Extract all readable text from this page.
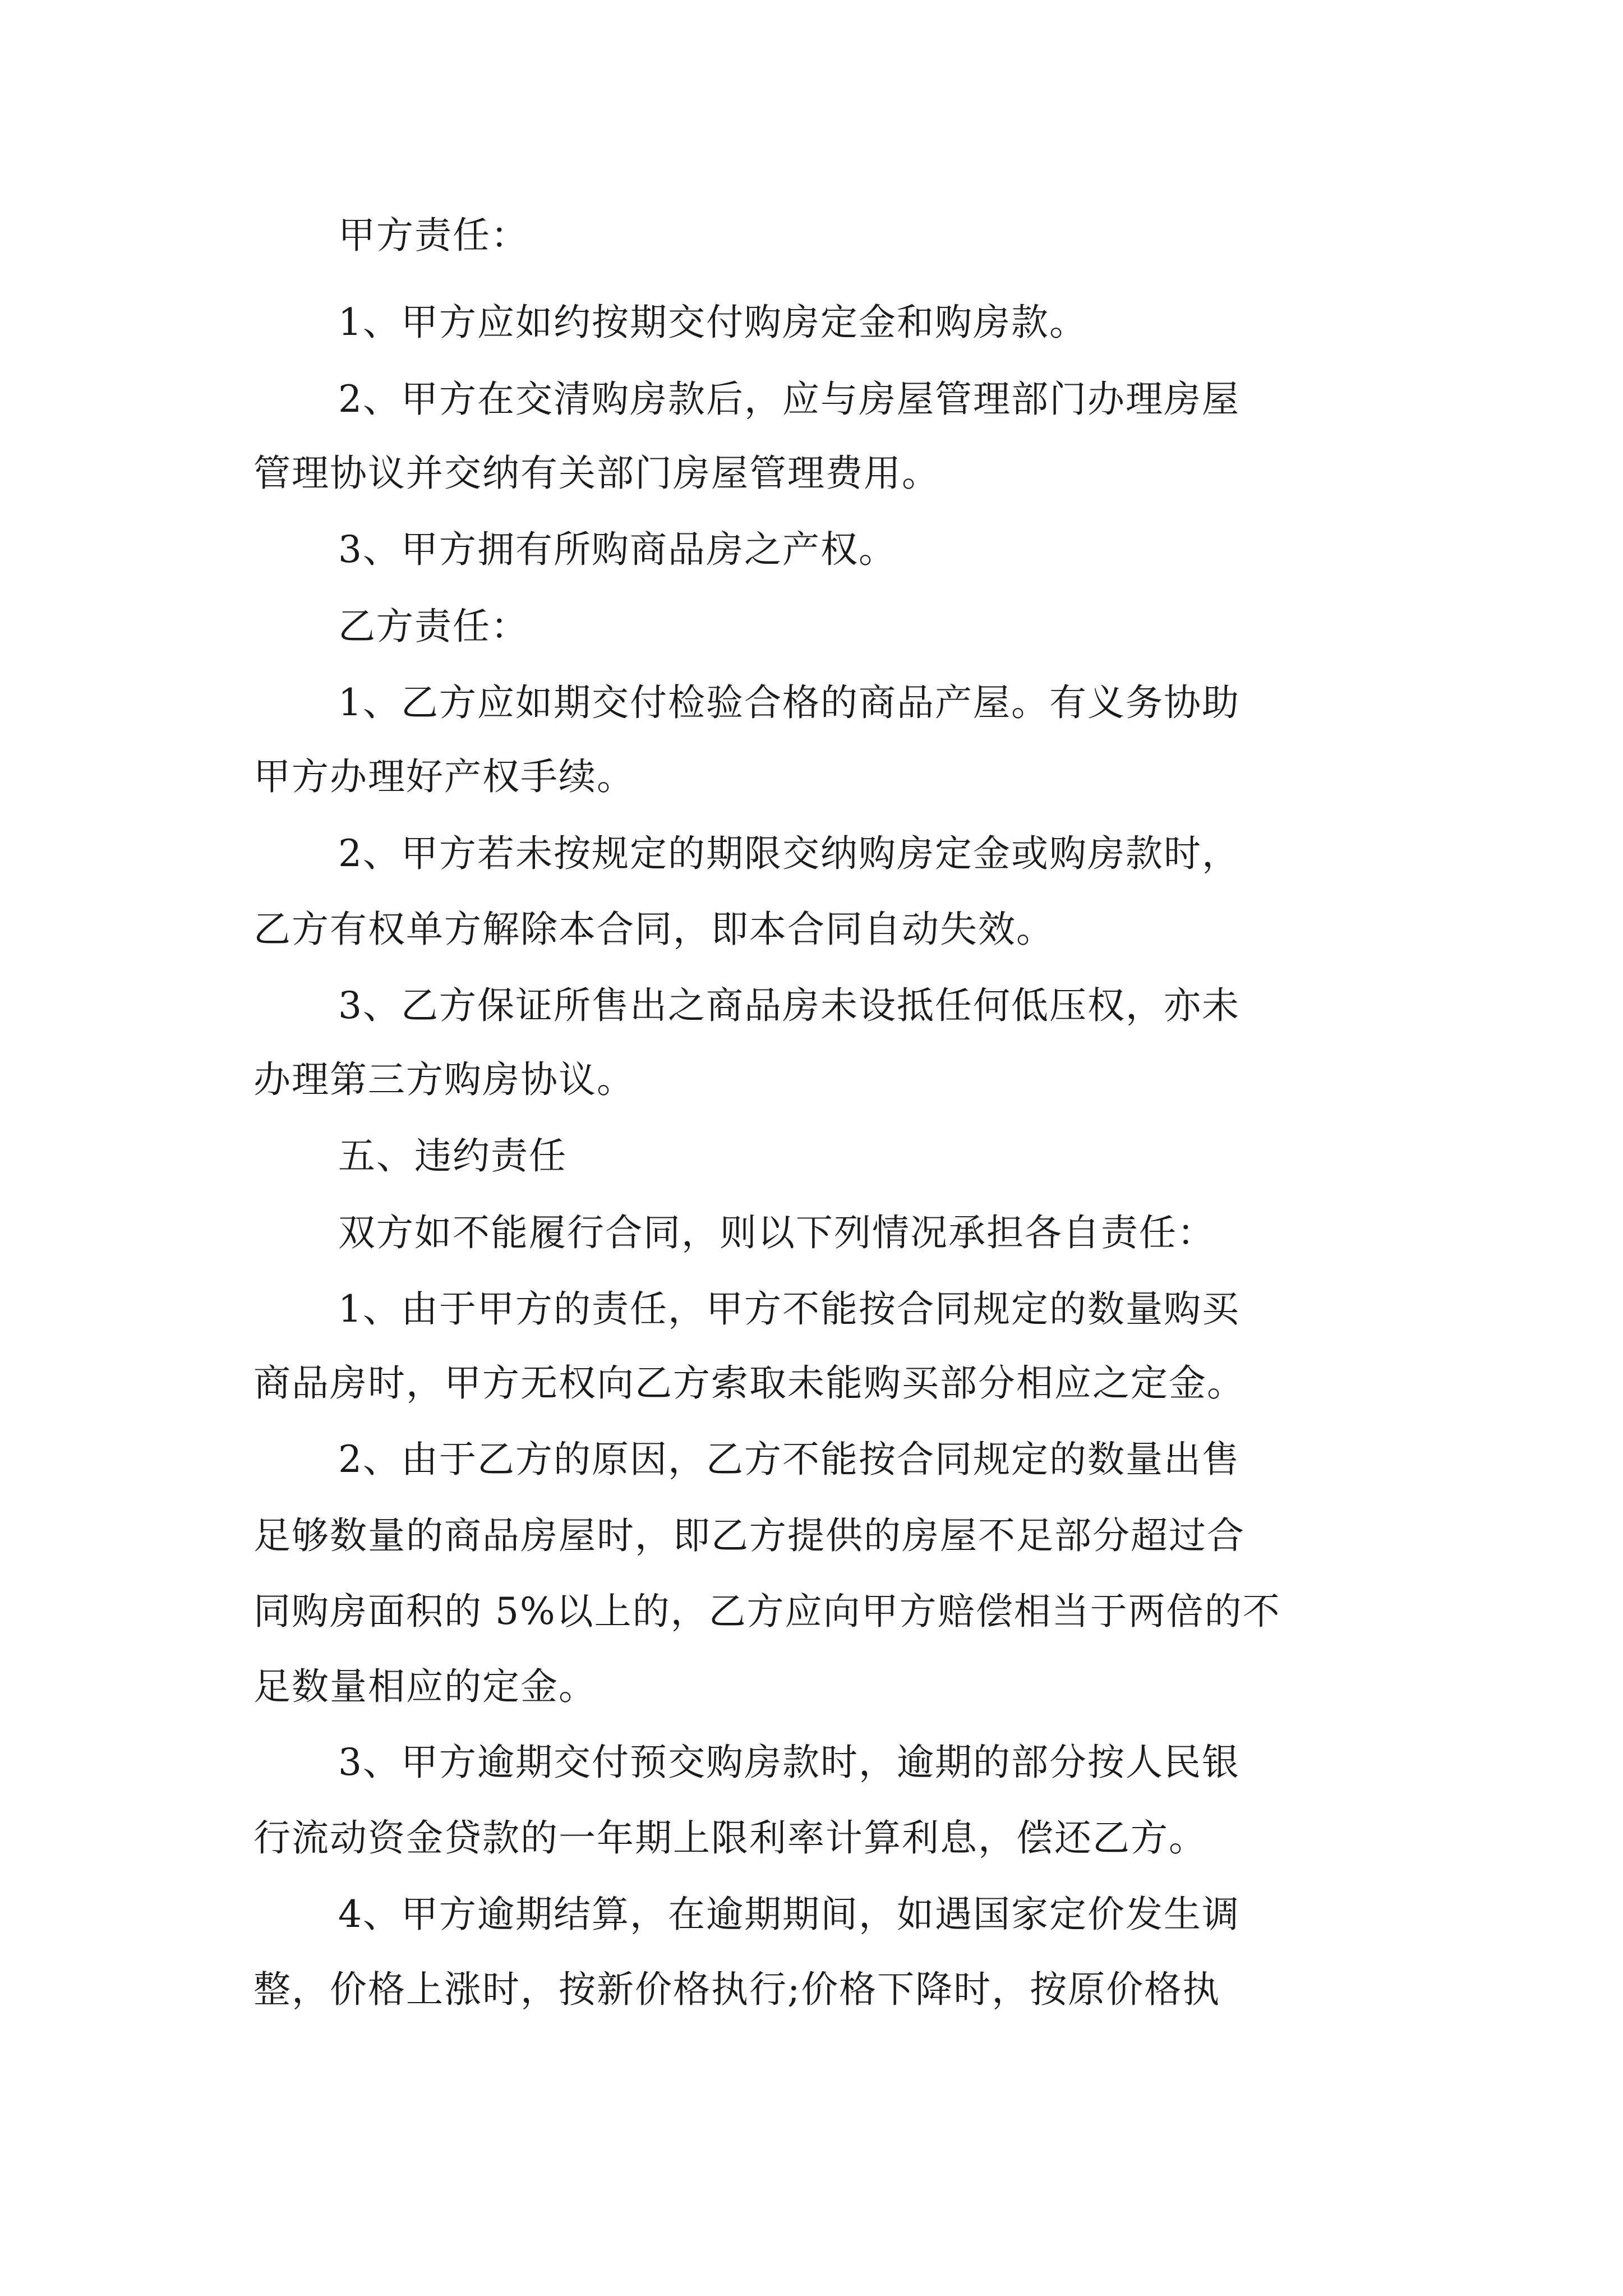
甲方责任：
1、甲方应如约按期交付购房定金和购房款。
2、甲方在交清购房款后，应与房屋管理部门办理房屋
管理协议并交纳有关部门房屋管理费用。
3、甲方拥有所购商品房之产权。
乙方责任：
1、乙方应如期交付检验合格的商品产屋。有义务协助
甲方办理好产权手续。
2、甲方若未按规定的期限交纳购房定金或购房款时，
乙方有权单方解除本合同，即本合同自动失效。
3、乙方保证所售出之商品房未设抵任何低压权，亦未
办理第三方购房协议。
五、违约责任
双方如不能履行合同，则以下列情况承担各自责任：
1、由于甲方的责任，甲方不能按合同规定的数量购买
商品房时，甲方无权向乙方索取未能购买部分相应之定金。
2、由于乙方的原因，乙方不能按合同规定的数量出售
足够数量的商品房屋时，即乙方提供的房屋不足部分超过合
同购房面积的 5%以上的，乙方应向甲方赔偿相当于两倍的不
足数量相应的定金。
3、甲方逾期交付预交购房款时，逾期的部分按人民银
行流动资金贷款的一年期上限利率计算利息，偿还乙方。
4、甲方逾期结算，在逾期期间，如遇国家定价发生调
整，价格上涨时，按新价格执行;价格下降时，按原价格执
